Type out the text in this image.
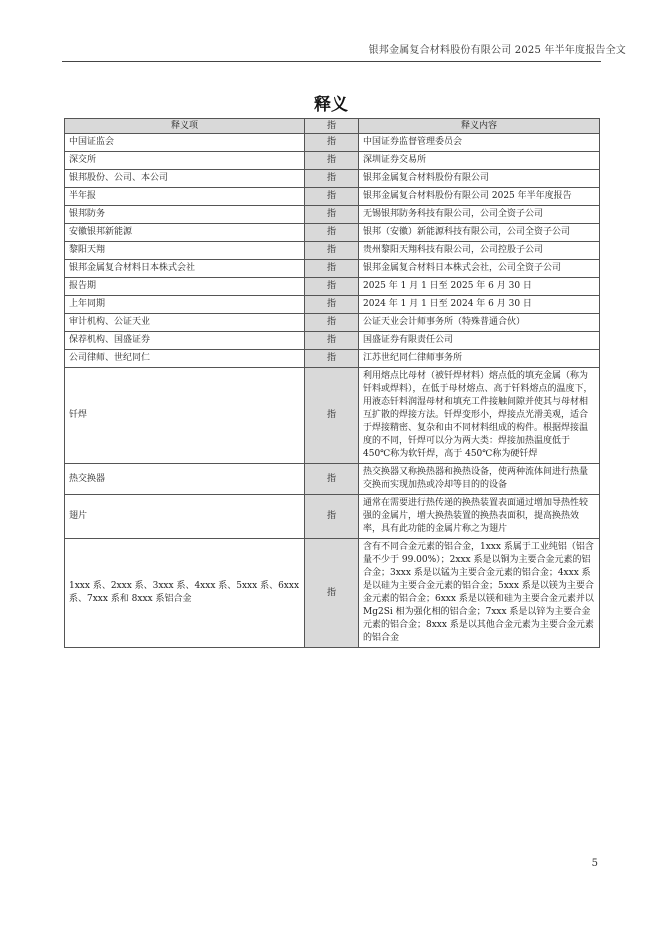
银邦金属复合材料股份有限公司 2025 年半年度报告全文
释义
释义项	指	释义内容
中国证监会	指	中国证券监督管理委员会
深交所	指	深圳证券交易所
银邦股份、公司、本公司	指	银邦金属复合材料股份有限公司
半年报	指	银邦金属复合材料股份有限公司 2025 年半年度报告
银邦防务	指	无锡银邦防务科技有限公司，公司全资子公司
安徽银邦新能源	指	银邦（安徽）新能源科技有限公司，公司全资子公司
黎阳天翔	指	贵州黎阳天翔科技有限公司，公司控股子公司
银邦金属复合材料日本株式会社	指	银邦金属复合材料日本株式会社，公司全资子公司
报告期	指	2025 年 1 月 1 日至 2025 年 6 月 30 日
上年同期	指	2024 年 1 月 1 日至 2024 年 6 月 30 日
审计机构、公证天业	指	公证天业会计师事务所（特殊普通合伙）
保荐机构、国盛证券	指	国盛证券有限责任公司
公司律师、世纪同仁	指	江苏世纪同仁律师事务所
钎焊	指	利用熔点比母材（被钎焊材料）熔点低的填充金属（称为钎料或焊料），在低于母材熔点、高于钎料熔点的温度下，用液态钎料润湿母材和填充工件接触间隙并使其与母材相互扩散的焊接方法。钎焊变形小，焊接点光滑美观，适合于焊接精密、复杂和由不同材料组成的构件。根据焊接温度的不同，钎焊可以分为两大类：焊接加热温度低于 450℃称为软钎焊，高于 450℃称为硬钎焊
热交换器	指	热交换器又称换热器和换热设备，使两种流体间进行热量交换而实现加热或冷却等目的的设备
翅片	指	通常在需要进行热传递的换热装置表面通过增加导热性较强的金属片，增大换热装置的换热表面积，提高换热效率，具有此功能的金属片称之为翅片
1xxx 系、2xxx 系、3xxx 系、4xxx 系、5xxx 系、6xxx 系、7xxx 系和 8xxx 系铝合金	指	含有不同合金元素的铝合金，1xxx 系属于工业纯铝（铝含量不少于 99.00%）；2xxx 系是以铜为主要合金元素的铝合金；3xxx 系是以锰为主要合金元素的铝合金；4xxx 系是以硅为主要合金元素的铝合金；5xxx 系是以镁为主要合金元素的铝合金；6xxx 系是以镁和硅为主要合金元素并以 Mg2Si 相为强化相的铝合金；7xxx 系是以锌为主要合金元素的铝合金；8xxx 系是以其他合金元素为主要合金元素的铝合金
5
